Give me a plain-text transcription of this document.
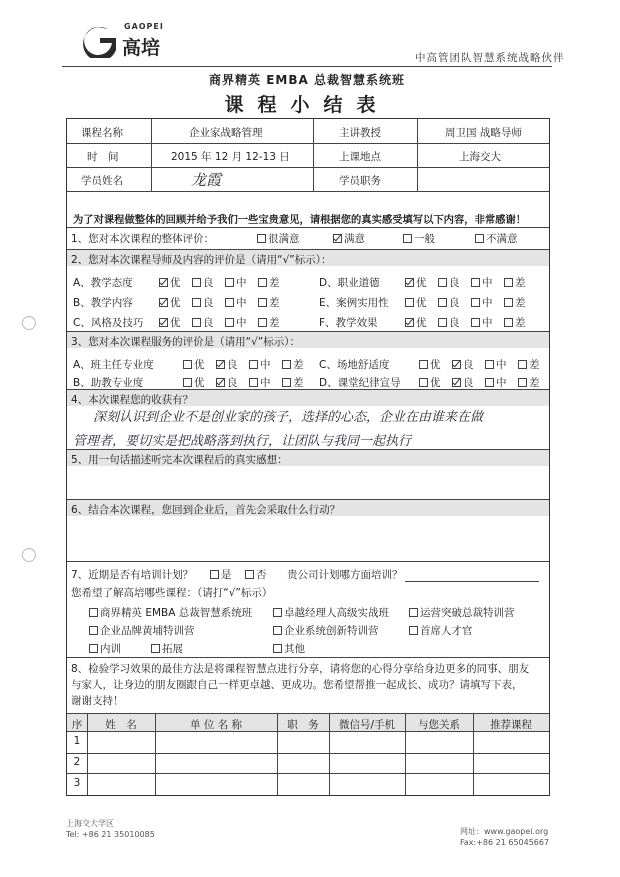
GAOPEI
高培	中高管团队智慧系统战略伙伴
商界精英 EMBA 总裁智慧系统班
课程小结表
课程名称	企业家战略管理	主讲教授	周卫国 战略导师
时　间	2015 年 12 月 12-13 日	上课地点	上海交大
学员姓名	龙霞	学员职务
为了对课程做整体的回顾并给予我们一些宝贵意见，请根据您的真实感受填写以下内容，非常感谢！
1、您对本次课程的整体评价：
2、您对本次课程导师及内容的评价是（请用“√”标示）：
3、您对本次课程服务的评价是（请用“√”标示）：
4、本次课程您的收获有？
深刻认识到企业不是创业家的孩子，选择的心态，企业在由谁来在做
管理者，要切实是把战略落到执行，让团队与我同一起执行
5、用一句话描述听完本次课程后的真实感想：
6、结合本次课程，您回到企业后，首先会采取什么行动？
7、近期是否有培训计划？	是	否 贵公司计划哪方面培训？
您希望了解高培哪些课程：（请打“√”标示）
8、检验学习效果的最佳方法是将课程智慧点进行分享，请将您的心得分享给身边更多的同事、朋友
与家人，让身边的朋友圈跟自己一样更卓越、更成功。您希望帮推一起成长、成功？请填写下表，
谢谢支持！
很满意	满意	一般	不满意
A、教学态度	优	良	中	差
B、教学内容	优	良	中	差
C、风格及技巧	优	良	中	差
D、职业道德	优	良	中	差
E、案例实用性	优	良	中	差
F、教学效果	优	良	中	差
A、班主任专业度	优	良	中	差
B、助教专业度	优	良	中	差
C、场地舒适度	优	良	中	差
D、课堂纪律宣导	优	良	中	差
商界精英 EMBA 总裁智慧系统班	卓越经理人高级实战班	运营突破总裁特训营
企业品牌黄埔特训营	企业系统创新特训营	首席人才官
内训	拓展	其他
序	姓　名	单 位 名 称	职　务	微信号/手机	与您关系	推荐课程
1
2
3
上海交大学区
Tel: +86 21 35010085	网址：www.gaopei.org
Fax:+86 21 65045667
